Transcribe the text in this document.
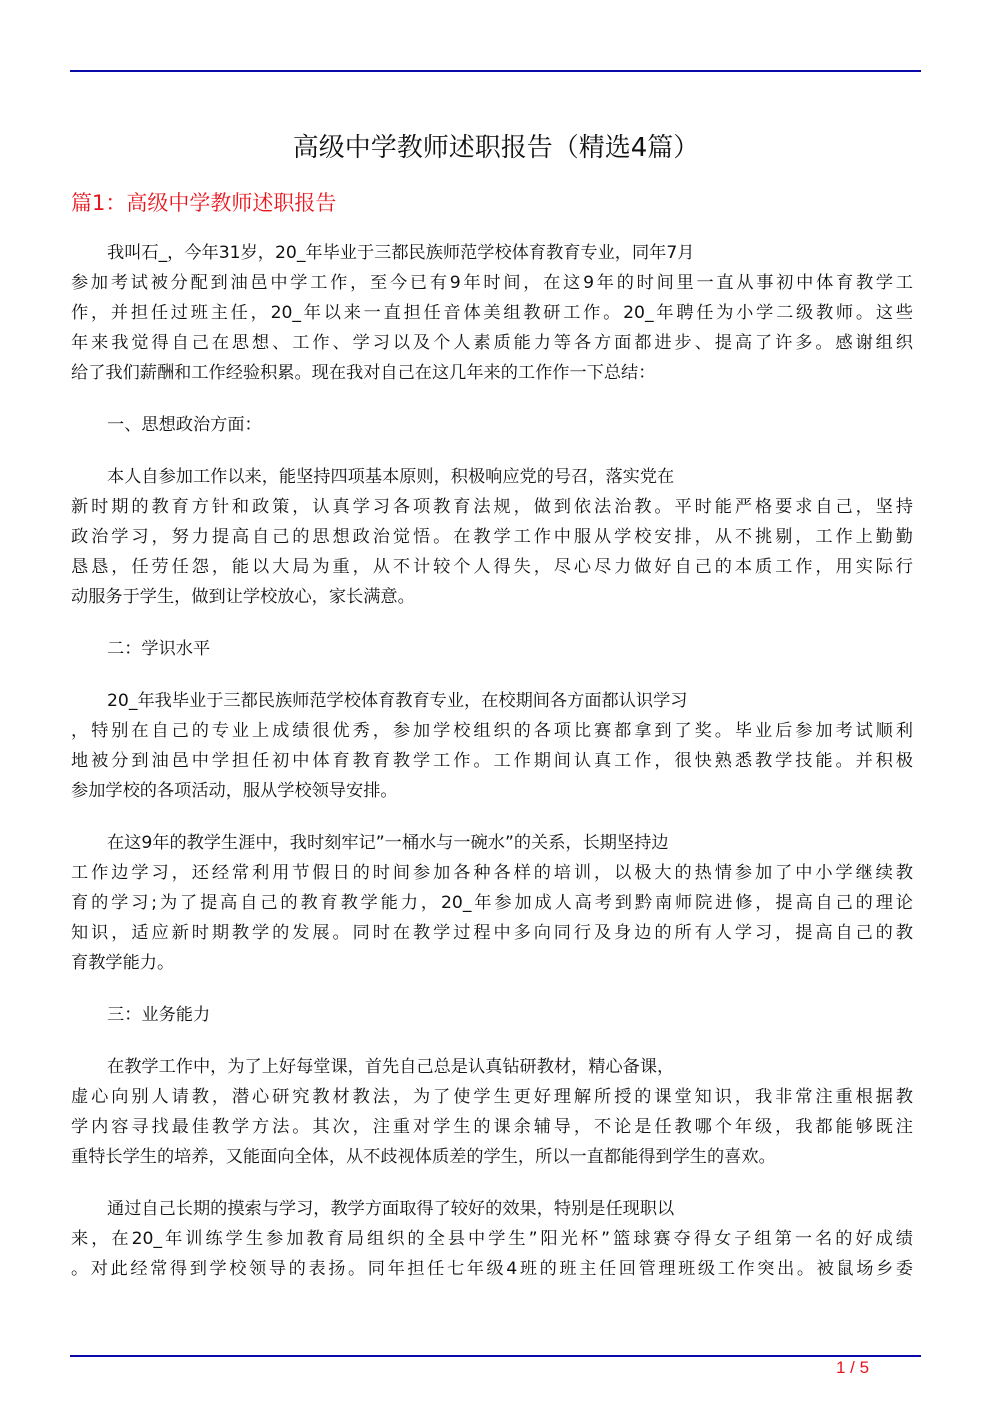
高级中学教师述职报告（精选4篇）
篇1：高级中学教师述职报告
我叫石_，今年31岁，20_年毕业于三都民族师范学校体育教育专业，同年7月
参加考试被分配到油邑中学工作，至今已有9年时间，在这9年的时间里一直从事初中体育教学工
作，并担任过班主任，20_年以来一直担任音体美组教研工作。20_年聘任为小学二级教师。这些
年来我觉得自己在思想、工作、学习以及个人素质能力等各方面都进步、提高了许多。感谢组织
给了我们薪酬和工作经验积累。现在我对自己在这几年来的工作作一下总结：
一、思想政治方面：
本人自参加工作以来，能坚持四项基本原则，积极响应党的号召，落实党在
新时期的教育方针和政策，认真学习各项教育法规，做到依法治教。平时能严格要求自己，坚持
政治学习，努力提高自己的思想政治觉悟。在教学工作中服从学校安排，从不挑剔，工作上勤勤
恳恳，任劳任怨，能以大局为重，从不计较个人得失，尽心尽力做好自己的本质工作，用实际行
动服务于学生，做到让学校放心，家长满意。
二：学识水平
20_年我毕业于三都民族师范学校体育教育专业，在校期间各方面都认识学习
，特别在自己的专业上成绩很优秀，参加学校组织的各项比赛都拿到了奖。毕业后参加考试顺利
地被分到油邑中学担任初中体育教育教学工作。工作期间认真工作，很快熟悉教学技能。并积极
参加学校的各项活动，服从学校领导安排。
在这9年的教学生涯中，我时刻牢记”一桶水与一碗水”的关系，长期坚持边
工作边学习，还经常利用节假日的时间参加各种各样的培训，以极大的热情参加了中小学继续教
育的学习;为了提高自己的教育教学能力，20_年参加成人高考到黔南师院进修，提高自己的理论
知识，适应新时期教学的发展。同时在教学过程中多向同行及身边的所有人学习，提高自己的教
育教学能力。
三：业务能力
在教学工作中，为了上好每堂课，首先自己总是认真钻研教材，精心备课，
虚心向别人请教，潜心研究教材教法，为了使学生更好理解所授的课堂知识，我非常注重根据教
学内容寻找最佳教学方法。其次，注重对学生的课余辅导，不论是任教哪个年级，我都能够既注
重特长学生的培养，又能面向全体，从不歧视体质差的学生，所以一直都能得到学生的喜欢。
通过自己长期的摸索与学习，教学方面取得了较好的效果，特别是任现职以
来，在20_年训练学生参加教育局组织的全县中学生”阳光杯”篮球赛夺得女子组第一名的好成绩
。对此经常得到学校领导的表扬。同年担任七年级4班的班主任回管理班级工作突出。被鼠场乡委
1 / 5
